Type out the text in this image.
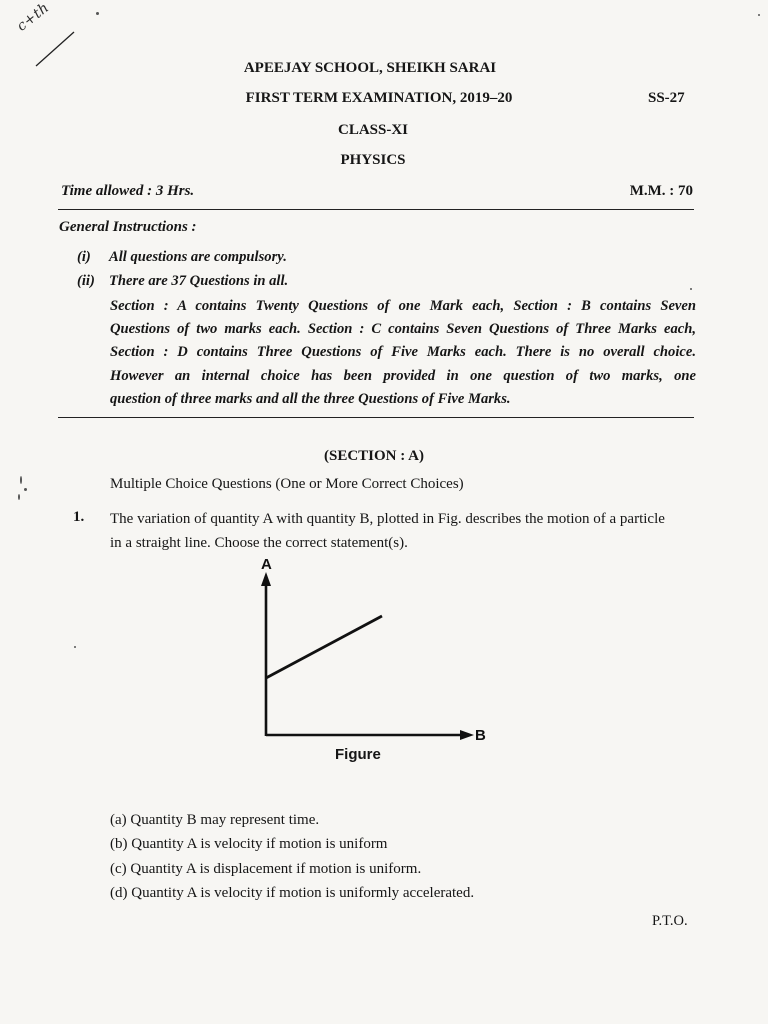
c+th
APEEJAY SCHOOL, SHEIKH SARAI
FIRST TERM EXAMINATION, 2019–20	SS-27
CLASS-XI
PHYSICS
Time allowed : 3 Hrs.	M.M. : 70
General Instructions :
(i) All questions are compulsory.
(ii) There are 37 Questions in all.
Section : A contains Twenty Questions of one Mark each, Section : B contains Seven
Questions of two marks each. Section : C contains Seven Questions of Three Marks each,
Section : D contains Three Questions of Five Marks each. There is no overall choice.
However an internal choice has been provided in one question of two marks, one
question of three marks and all the three Questions of Five Marks.
(SECTION : A)
Multiple Choice Questions (One or More Correct Choices)
1. The variation of quantity A with quantity B, plotted in Fig. describes the motion of a particle
in a straight line. Choose the correct statement(s).
A
B
Figure
(a) Quantity B may represent time.
(b) Quantity A is velocity if motion is uniform
(c) Quantity A is displacement if motion is uniform.
(d) Quantity A is velocity if motion is uniformly accelerated.
P.T.O.
